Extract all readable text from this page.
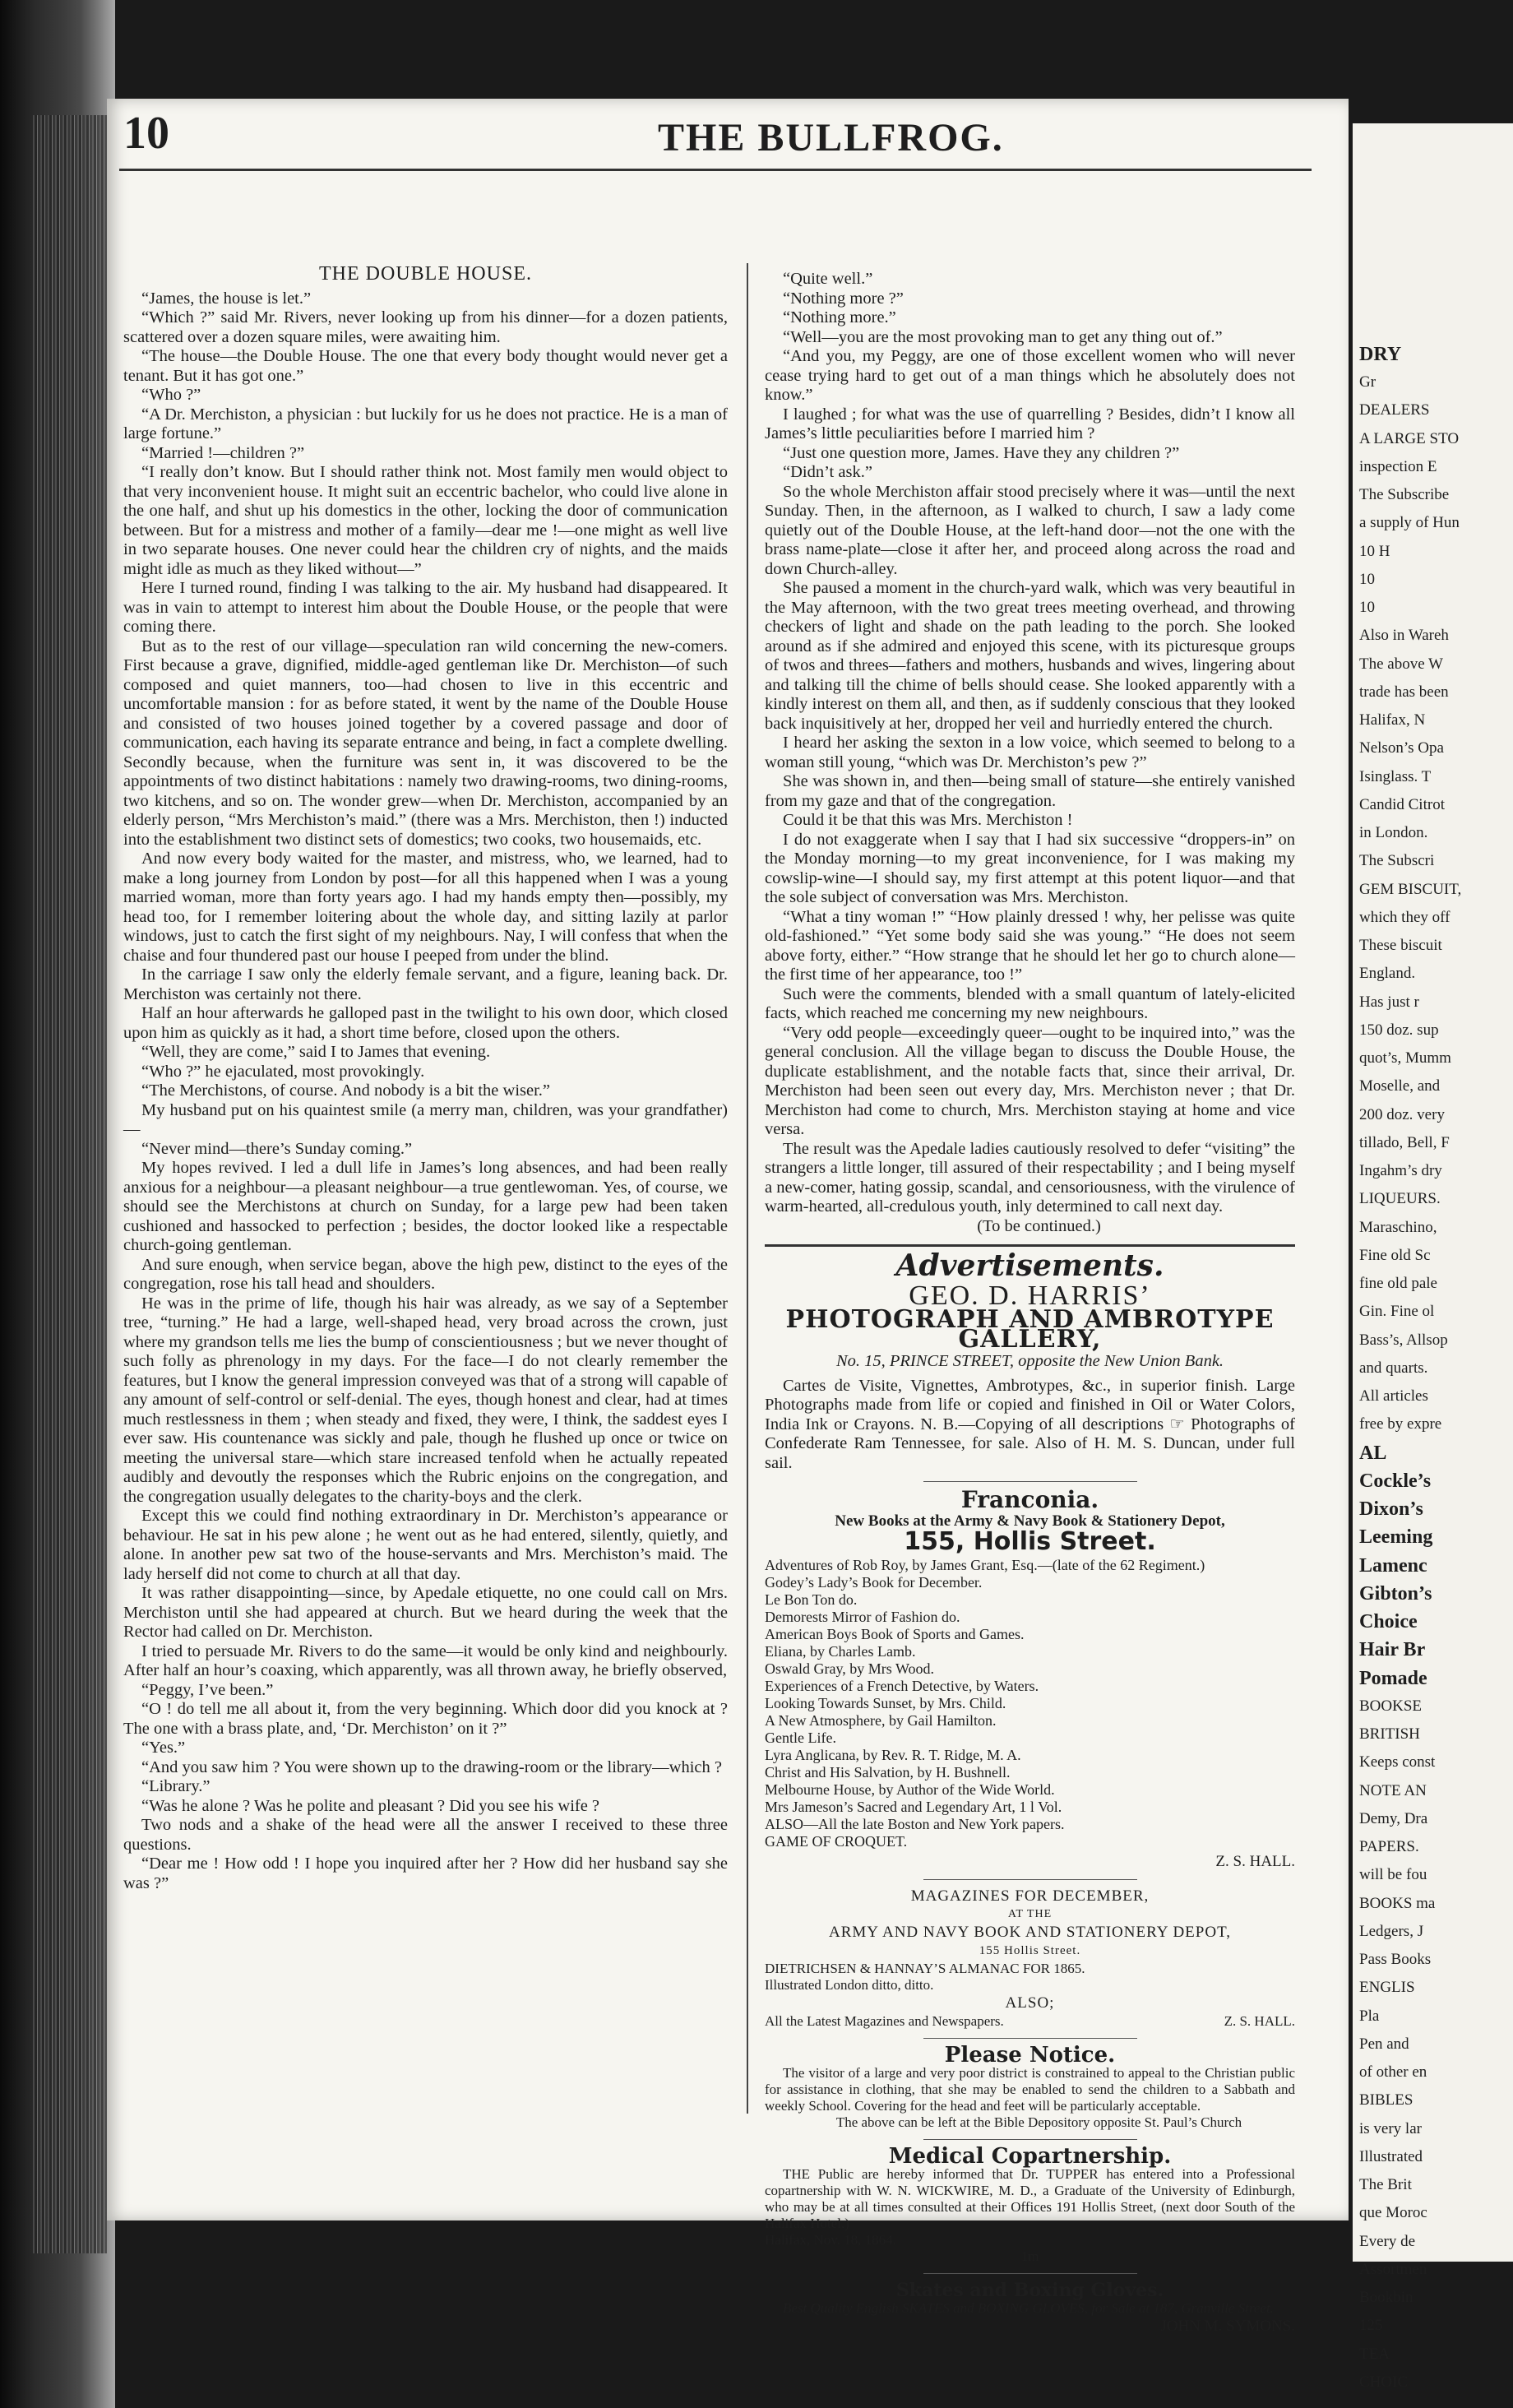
10	THE BULLFROG.
THE DOUBLE HOUSE.

“James, the house is let.”

“Which ?” said Mr. Rivers, never looking up from his dinner—for a dozen patients, scattered over a dozen square miles, were awaiting him.

“The house—the Double House. The one that every body thought would never get a tenant. But it has got one.”

“Who ?”

“A Dr. Merchiston, a physician : but luckily for us he does not practice. He is a man of large fortune.”

“Married !—children ?”

“I really don’t know. But I should rather think not. Most family men would object to that very inconvenient house. It might suit an eccentric bachelor, who could live alone in the one half, and shut up his domestics in the other, locking the door of communication between. But for a mistress and mother of a family—dear me !—one might as well live in two separate houses. One never could hear the children cry of nights, and the maids might idle as much as they liked without—”

Here I turned round, finding I was talking to the air. My husband had disappeared. It was in vain to attempt to interest him about the Double House, or the people that were coming there.

But as to the rest of our village—speculation ran wild concerning the new-comers. First because a grave, dignified, middle-aged gentleman like Dr. Merchiston—of such composed and quiet manners, too—had chosen to live in this eccentric and uncomfortable mansion : for as before stated, it went by the name of the Double House and consisted of two houses joined together by a covered passage and door of communication, each having its separate entrance and being, in fact a complete dwelling. Secondly because, when the furniture was sent in, it was discovered to be the appointments of two distinct habitations : namely two drawing-rooms, two dining-rooms, two kitchens, and so on. The wonder grew—when Dr. Merchiston, accompanied by an elderly person, “Mrs Merchiston’s maid.” (there was a Mrs. Merchiston, then !) inducted into the establishment two distinct sets of domestics; two cooks, two housemaids, etc.

And now every body waited for the master, and mistress, who, we learned, had to make a long journey from London by post—for all this happened when I was a young married woman, more than forty years ago. I had my hands empty then—possibly, my head too, for I remember loitering about the whole day, and sitting lazily at parlor windows, just to catch the first sight of my neighbours. Nay, I will confess that when the chaise and four thundered past our house I peeped from under the blind.

In the carriage I saw only the elderly female servant, and a figure, leaning back. Dr. Merchiston was certainly not there.

Half an hour afterwards he galloped past in the twilight to his own door, which closed upon him as quickly as it had, a short time before, closed upon the others.

“Well, they are come,” said I to James that evening.

“Who ?” he ejaculated, most provokingly.

“The Merchistons, of course. And nobody is a bit the wiser.”

My husband put on his quaintest smile (a merry man, children, was your grandfather)—

“Never mind—there’s Sunday coming.”

My hopes revived. I led a dull life in James’s long absences, and had been really anxious for a neighbour—a pleasant neighbour—a true gentlewoman. Yes, of course, we should see the Merchistons at church on Sunday, for a large pew had been taken cushioned and hassocked to perfection ; besides, the doctor looked like a respectable church-going gentleman.

And sure enough, when service began, above the high pew, distinct to the eyes of the congregation, rose his tall head and shoulders.

He was in the prime of life, though his hair was already, as we say of a September tree, “turning.” He had a large, well-shaped head, very broad across the crown, just where my grandson tells me lies the bump of conscientiousness ; but we never thought of such folly as phrenology in my days. For the face—I do not clearly remember the features, but I know the general impression conveyed was that of a strong will capable of any amount of self-control or self-denial. The eyes, though honest and clear, had at times much restlessness in them ; when steady and fixed, they were, I think, the saddest eyes I ever saw. His countenance was sickly and pale, though he flushed up once or twice on meeting the universal stare—which stare increased tenfold when he actually repeated audibly and devoutly the responses which the Rubric enjoins on the congregation, and the congregation usually delegates to the charity-boys and the clerk.

Except this we could find nothing extraordinary in Dr. Merchiston’s appearance or behaviour. He sat in his pew alone ; he went out as he had entered, silently, quietly, and alone. In another pew sat two of the house-servants and Mrs. Merchiston’s maid. The lady herself did not come to church at all that day.

It was rather disappointing—since, by Apedale etiquette, no one could call on Mrs. Merchiston until she had appeared at church. But we heard during the week that the Rector had called on Dr. Merchiston.

I tried to persuade Mr. Rivers to do the same—it would be only kind and neighbourly. After half an hour’s coaxing, which apparently, was all thrown away, he briefly observed,

“Peggy, I’ve been.”

“O ! do tell me all about it, from the very beginning. Which door did you knock at ? The one with a brass plate, and, ‘Dr. Merchiston’ on it ?”

“Yes.”

“And you saw him ? You were shown up to the drawing-room or the library—which ?

“Library.”

“Was he alone ? Was he polite and pleasant ? Did you see his wife ?

Two nods and a shake of the head were all the answer I received to these three questions.

“Dear me ! How odd ! I hope you inquired after her ? How did her husband say she was ?”

“Quite well.”

“Nothing more ?”

“Nothing more.”

“Well—you are the most provoking man to get any thing out of.”

“And you, my Peggy, are one of those excellent women who will never cease trying hard to get out of a man things which he absolutely does not know.”

I laughed ; for what was the use of quarrelling ? Besides, didn’t I know all James’s little peculiarities before I married him ?

“Just one question more, James. Have they any children ?”

“Didn’t ask.”

So the whole Merchiston affair stood precisely where it was—until the next Sunday. Then, in the afternoon, as I walked to church, I saw a lady come quietly out of the Double House, at the left-hand door—not the one with the brass name-plate—close it after her, and proceed along across the road and down Church-alley.

She paused a moment in the church-yard walk, which was very beautiful in the May afternoon, with the two great trees meeting overhead, and throwing checkers of light and shade on the path leading to the porch. She looked around as if she admired and enjoyed this scene, with its picturesque groups of twos and threes—fathers and mothers, husbands and wives, lingering about and talking till the chime of bells should cease. She looked apparently with a kindly interest on them all, and then, as if suddenly conscious that they looked back inquisitively at her, dropped her veil and hurriedly entered the church.

I heard her asking the sexton in a low voice, which seemed to belong to a woman still young, “which was Dr. Merchiston’s pew ?”

She was shown in, and then—being small of stature—she entirely vanished from my gaze and that of the congregation.

Could it be that this was Mrs. Merchiston !

I do not exaggerate when I say that I had six successive “droppers-in” on the Monday morning—to my great inconvenience, for I was making my cowslip-wine—I should say, my first attempt at this potent liquor—and that the sole subject of conversation was Mrs. Merchiston.

“What a tiny woman !” “How plainly dressed ! why, her pelisse was quite old-fashioned.” “Yet some body said she was young.” “He does not seem above forty, either.” “How strange that he should let her go to church alone—the first time of her appearance, too !”

Such were the comments, blended with a small quantum of lately-elicited facts, which reached me concerning my new neighbours.

“Very odd people—exceedingly queer—ought to be inquired into,” was the general conclusion. All the village began to discuss the Double House, the duplicate establishment, and the notable facts that, since their arrival, Dr. Merchiston had been seen out every day, Mrs. Merchiston never ; that Dr. Merchiston had come to church, Mrs. Merchiston staying at home and vice versa.

The result was the Apedale ladies cautiously resolved to defer “visiting” the strangers a little longer, till assured of their respectability ; and I being myself a new-comer, hating gossip, scandal, and censoriousness, with the virulence of warm-hearted, all-credulous youth, inly determined to call next day.

(To be continued.)

Advertisements.
GEO. D. HARRIS’
PHOTOGRAPH AND AMBROTYPE GALLERY,
No. 15, PRINCE STREET, opposite the New Union Bank.

Cartes de Visite, Vignettes, Ambrotypes, &c., in superior finish. Large Photographs made from life or copied and finished in Oil or Water Colors, India Ink or Crayons. N. B.—Copying of all descriptions ☞ Photographs of Confederate Ram Tennessee, for sale. Also of H. M. S. Duncan, under full sail.

Franconia.
New Books at the Army & Navy Book & Stationery Depot,
155, Hollis Street.
Adventures of Rob Roy, by James Grant, Esq.—(late of the 62 Regiment.)
Godey’s Lady’s Book for December.
Le Bon Ton do.
Demorests Mirror of Fashion do.
American Boys Book of Sports and Games.
Eliana, by Charles Lamb.
Oswald Gray, by Mrs Wood.
Experiences of a French Detective, by Waters.
Looking Towards Sunset, by Mrs. Child.
A New Atmosphere, by Gail Hamilton.
Gentle Life.
Lyra Anglicana, by Rev. R. T. Ridge, M. A.
Christ and His Salvation, by H. Bushnell.
Melbourne House, by Author of the Wide World.
Mrs Jameson’s Sacred and Legendary Art, 1 l Vol.
ALSO—All the late Boston and New York papers.
GAME OF CROQUET.
Z. S. HALL.
MAGAZINES FOR DECEMBER,
AT THE
ARMY AND NAVY BOOK AND STATIONERY DEPOT,
155 Hollis Street.
DIETRICHSEN & HANNAY’S ALMANAC FOR 1865.
Illustrated London ditto, ditto.
ALSO;
All the Latest Magazines and Newspapers.	Z. S. HALL.
Please Notice.

The visitor of a large and very poor district is constrained to appeal to the Christian public for assistance in clothing, that she may be enabled to send the children to a Sabbath and weekly School. Covering for the head and feet will be particularly acceptable.

The above can be left at the Bible Depository opposite St. Paul’s Church

Medical Copartnership.

THE Public are hereby informed that Dr. TUPPER has entered into a Professional copartnership with W. N. WICKWIRE, M. D., a Graduate of the University of Edinburgh, who may be at all times consulted at their Offices 191 Hollis Street, (next door South of the Halifax Hotel.)

Halifax, Nov. 18, 1864.
1m
Skates and Boxing Gloves.

Best Quality English SKATES and BOXING GLOVES, for Sale at 187, Granville Street.

JOHN M. SYMONS.
DRY
Gr
DEALERS
A LARGE STO
inspection E
The Subscribe
a supply of Hun
10 H
10
10
Also in Wareh
The above W
trade has been
Halifax, N
Nelson’s Opa
Isinglass. T
Candid Citrot
in London.
The Subscri
GEM BISCUIT,
which they off
These biscuit
England.
Has just r
150 doz. sup
quot’s, Mumm
Moselle, and
200 doz. very
tillado, Bell, F
Ingahm’s dry
LIQUEURS.
Maraschino,
Fine old Sc
fine old pale
Gin. Fine ol
Bass’s, Allsop
and quarts.
All articles
free by expre
AL
Cockle’s
Dixon’s
Leeming
Lamenc
Gibton’s
Choice
Hair Br
Pomade
BOOKSE
BRITISH
Keeps const
NOTE AN
Demy, Dra
PAPERS.
will be fou
BOOKS ma
Ledgers, J
Pass Books
ENGLIS
Pla
Pen and
of other en
BIBLES
is very lar
Illustrated
The Brit
que Moroc
Every de
Assortmen
Bookbin
125
TEA
CHOIC
